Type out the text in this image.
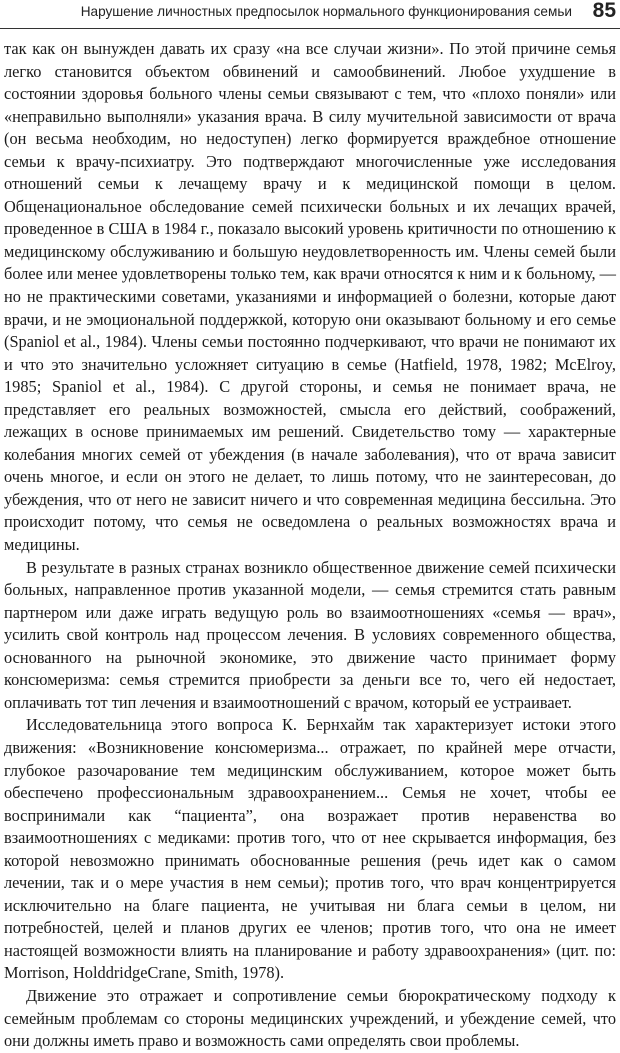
Нарушение личностных предпосылок нормального функционирования семьи 85

так как он вынужден давать их сразу «на все случаи жизни». По этой причине семья легко становится объектом обвинений и самообвинений. Любое ухудшение в состоянии здоровья больного члены семьи связывают с тем, что «плохо поняли» или «неправильно выполняли» указания врача. В силу мучительной зависимости от врача (он весьма необходим, но недоступен) легко формируется враждебное отношение семьи к врачу-психиатру. Это подтверждают многочисленные уже исследования отношений семьи к лечащему врачу и к медицинской помощи в целом. Общенациональное обследование семей психически больных и их лечащих врачей, проведенное в США в 1984 г., показало высокий уровень критичности по отношению к медицинскому обслуживанию и большую неудовлетворенность им. Члены семей были более или менее удовлетворены только тем, как врачи относятся к ним и к больному, — но не практическими советами, указаниями и информацией о болезни, которые дают врачи, и не эмоциональной поддержкой, которую они оказывают больному и его семье (Spaniol et al., 1984). Члены семьи постоянно подчеркивают, что врачи не понимают их и что это значительно усложняет ситуацию в семье (Hatfield, 1978, 1982; McElroy, 1985; Spaniol et al., 1984). С другой стороны, и семья не понимает врача, не представляет его реальных возможностей, смысла его действий, соображений, лежащих в основе принимаемых им решений. Свидетельство тому — характерные колебания многих семей от убеждения (в начале заболевания), что от врача зависит очень многое, и если он этого не делает, то лишь потому, что не заинтересован, до убеждения, что от него не зависит ничего и что современная медицина бессильна. Это происходит потому, что семья не осведомлена о реальных возможностях врача и медицины.

В результате в разных странах возникло общественное движение семей психически больных, направленное против указанной модели, — семья стремится стать равным партнером или даже играть ведущую роль во взаимоотношениях «семья — врач», усилить свой контроль над процессом лечения. В условиях современного общества, основанного на рыночной экономике, это движение часто принимает форму консюмеризма: семья стремится приобрести за деньги все то, чего ей недостает, оплачивать тот тип лечения и взаимоотношений с врачом, который ее устраивает.

Исследовательница этого вопроса К. Бернхайм так характеризует истоки этого движения: «Возникновение консюмеризма... отражает, по крайней мере отчасти, глубокое разочарование тем медицинским обслуживанием, которое может быть обеспечено профессиональным здравоохранением... Семья не хочет, чтобы ее воспринимали как “пациента”, она возражает против неравенства во взаимоотношениях с медиками: против того, что от нее скрывается информация, без которой невозможно принимать обоснованные решения (речь идет как о самом лечении, так и о мере участия в нем семьи); против того, что врач концентрируется исключительно на благе пациента, не учитывая ни блага семьи в целом, ни потребностей, целей и планов других ее членов; против того, что она не имеет настоящей возможности влиять на планирование и работу здравоохранения» (цит. по: Morrison, HolddridgeCrane, Smith, 1978).

Движение это отражает и сопротивление семьи бюрократическому подходу к семейным проблемам со стороны медицинских учреждений, и убеждение семей, что они должны иметь право и возможность сами определять свои проблемы.
